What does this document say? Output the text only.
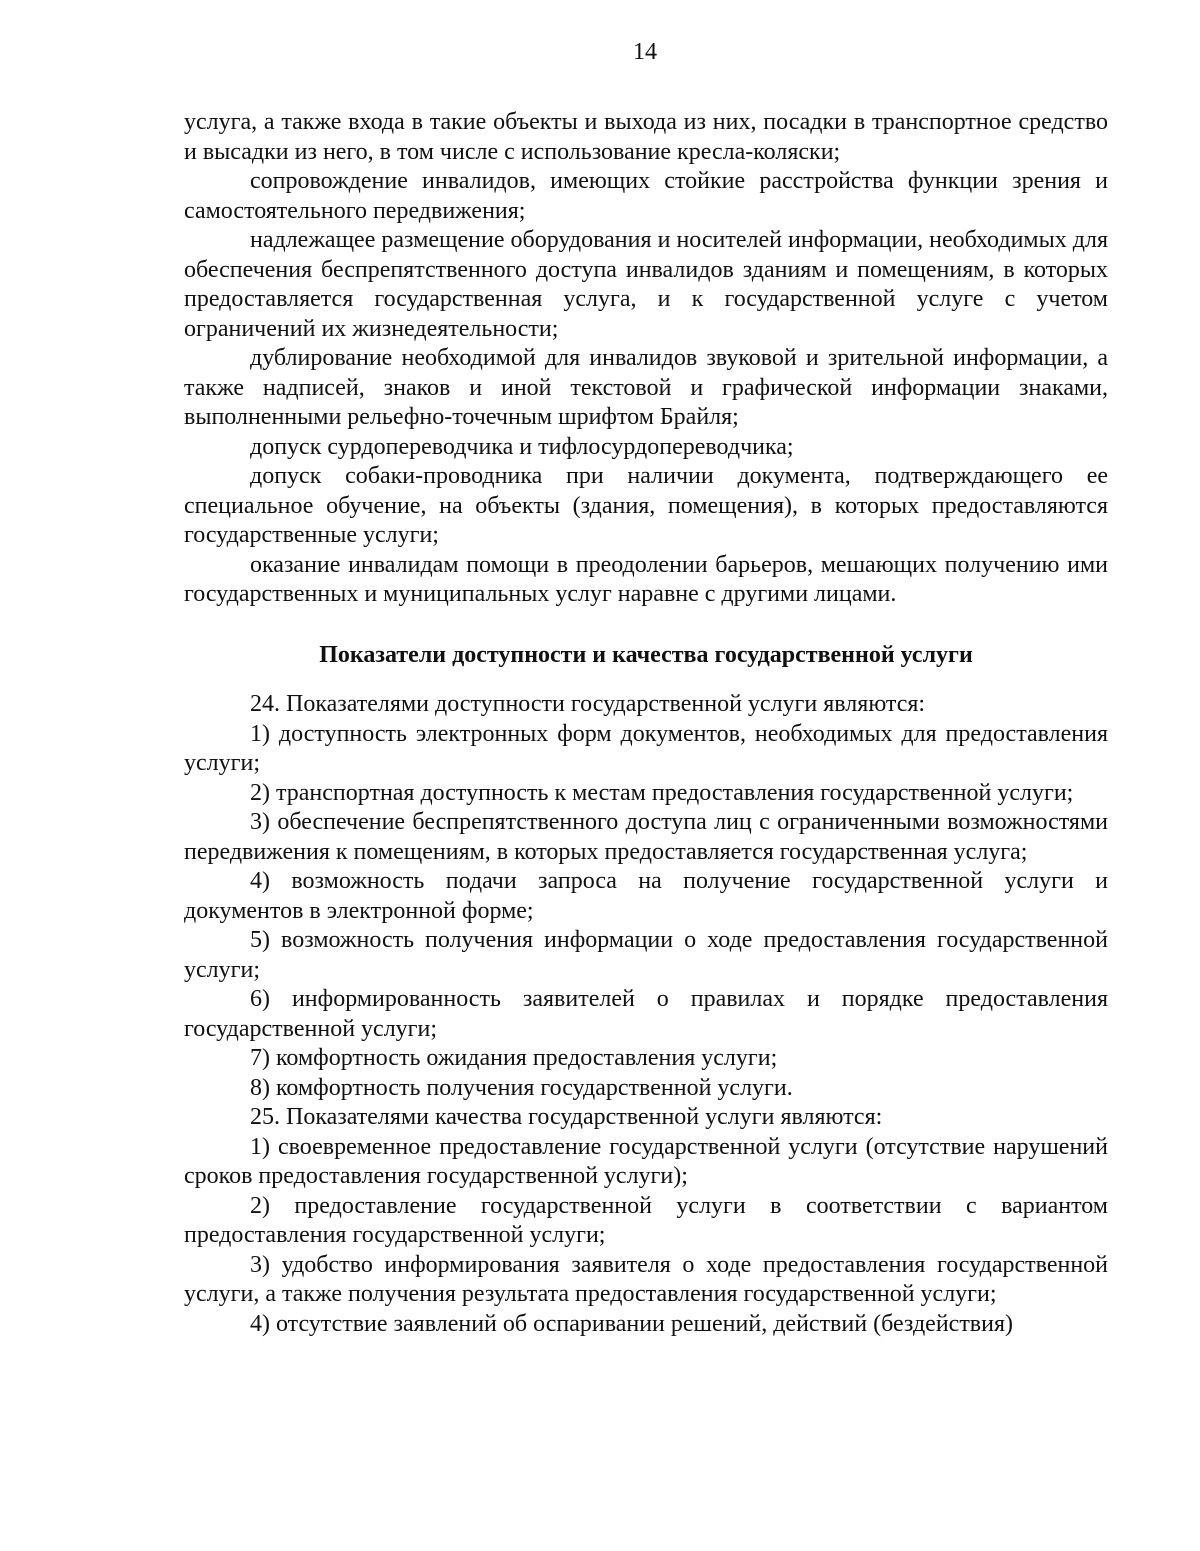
14

услуга, а также входа в такие объекты и выхода из них, посадки в транспортное средство и высадки из него, в том числе с использование кресла-коляски;

сопровождение инвалидов, имеющих стойкие расстройства функции зрения и самостоятельного передвижения;

надлежащее размещение оборудования и носителей информации, необходимых для обеспечения беспрепятственного доступа инвалидов зданиям и помещениям, в которых предоставляется государственная услуга, и к государственной услуге с учетом ограничений их жизнедеятельности;

дублирование необходимой для инвалидов звуковой и зрительной информации, а также надписей, знаков и иной текстовой и графической информации знаками, выполненными рельефно-точечным шрифтом Брайля;

допуск сурдопереводчика и тифлосурдопереводчика;

допуск собаки-проводника при наличии документа, подтверждающего ее специальное обучение, на объекты (здания, помещения), в которых предоставляются государственные услуги;

оказание инвалидам помощи в преодолении барьеров, мешающих получению ими государственных и муниципальных услуг наравне с другими лицами.

Показатели доступности и качества государственной услуги

24. Показателями доступности государственной услуги являются:

1) доступность электронных форм документов, необходимых для предоставления услуги;

2) транспортная доступность к местам предоставления государственной услуги;

3) обеспечение беспрепятственного доступа лиц с ограниченными возможностями передвижения к помещениям, в которых предоставляется государственная услуга;

4) возможность подачи запроса на получение государственной услуги и документов в электронной форме;

5) возможность получения информации о ходе предоставления государственной услуги;

6) информированность заявителей о правилах и порядке предоставления государственной услуги;

7) комфортность ожидания предоставления услуги;

8) комфортность получения государственной услуги.

25. Показателями качества государственной услуги являются:

1) своевременное предоставление государственной услуги (отсутствие нарушений сроков предоставления государственной услуги);

2) предоставление государственной услуги в соответствии с вариантом предоставления государственной услуги;

3) удобство информирования заявителя о ходе предоставления государственной услуги, а также получения результата предоставления государственной услуги;

4) отсутствие заявлений об оспаривании решений, действий (бездействия)
